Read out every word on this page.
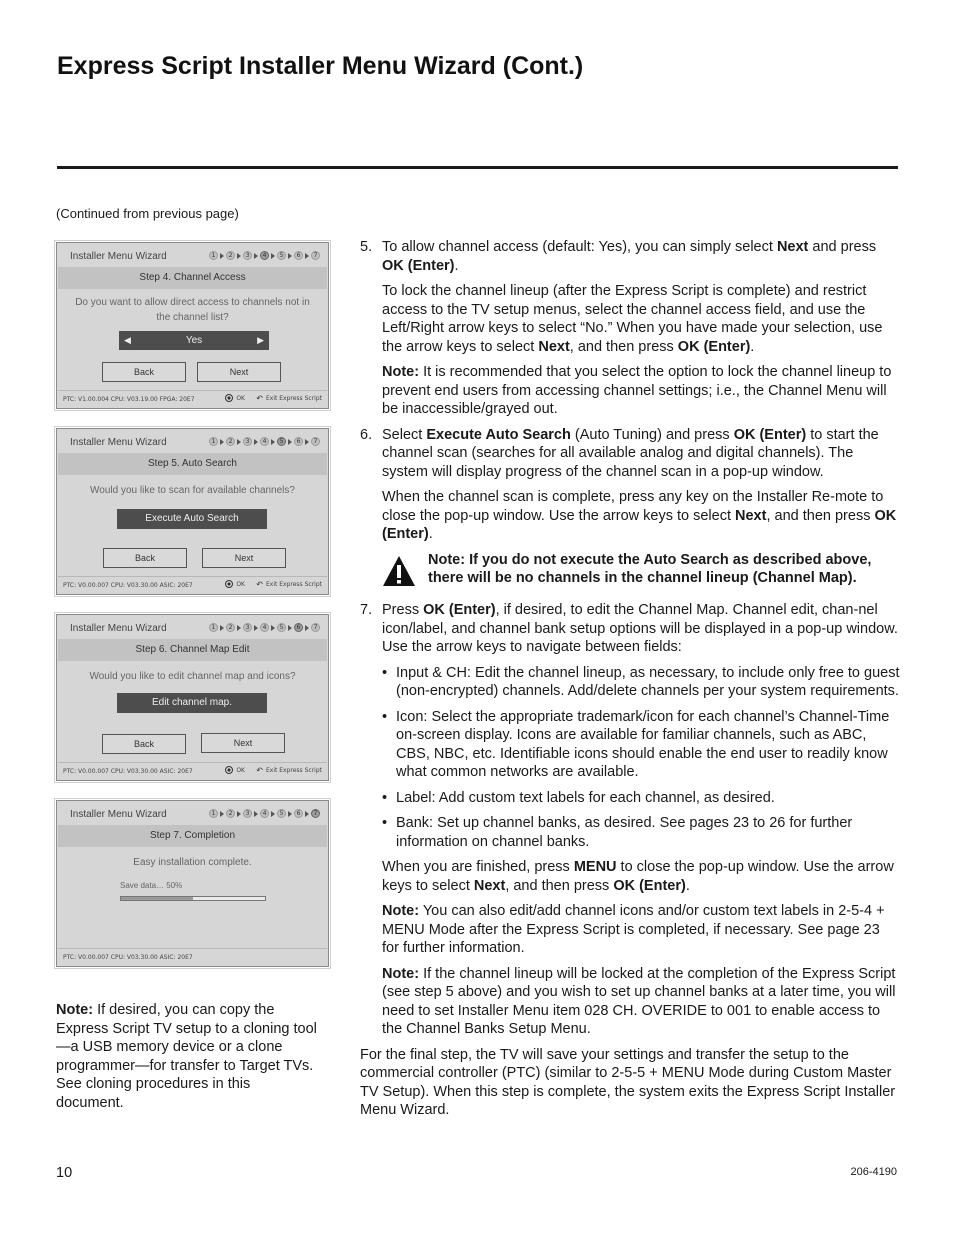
Express Script Installer Menu Wizard (Cont.)
(Continued from previous page)
Installer Menu Wizard	1	2	3	4	5	6	7
Step 4. Channel Access
Do you want to allow direct access to channels not in the channel list?
◀	Yes	▶
Back	Next
PTC: V1.00.004 CPU: V03.19.00 FPGA: 20E7	OK ↶ Exit Express Script
Installer Menu Wizard	1	2	3	4	5	6	7
Step 5. Auto Search
Would you like to scan for available channels?
Execute Auto Search
Back	Next
PTC: V0.00.007 CPU: V03.30.00 ASIC: 20E7	OK ↶ Exit Express Script
Installer Menu Wizard	1	2	3	4	5	6	7
Step 6. Channel Map Edit
Would you like to edit channel map and icons?
Edit channel map.
Back	Next
PTC: V0.00.007 CPU: V03.30.00 ASIC: 20E7	OK ↶ Exit Express Script
Installer Menu Wizard	1	2	3	4	5	6	7
Step 7. Completion
Easy installation complete.
Save data… 50%
PTC: V0.00.007 CPU: V03.30.00 ASIC: 20E7
Note: If desired, you can copy the Express Script TV setup to a cloning tool—a USB memory device or a clone programmer—for transfer to Target TVs. See cloning procedures in this document.
5. To allow channel access (default: Yes), you can simply select Next and press OK (Enter).

To lock the channel lineup (after the Express Script is complete) and restrict access to the TV setup menus, select the channel access field, and use the Left/Right arrow keys to select “No.” When you have made your selection, use the arrow keys to select Next, and then press OK (Enter).

Note: It is recommended that you select the option to lock the channel lineup to prevent end users from accessing channel settings; i.e., the Channel Menu will be inaccessible/grayed out.

6. Select Execute Auto Search (Auto Tuning) and press OK (Enter) to start the channel scan (searches for all available analog and digital channels). The system will display progress of the channel scan in a pop-up window.

When the channel scan is complete, press any key on the Installer Re-mote to close the pop-up window. Use the arrow keys to select Next, and then press OK (Enter).

Note: If you do not execute the Auto Search as described above, there will be no channels in the channel lineup (Channel Map).
7. Press OK (Enter), if desired, to edit the Channel Map. Channel edit, chan-nel icon/label, and channel bank setup options will be displayed in a pop-up window. Use the arrow keys to navigate between fields:

• Input & CH: Edit the channel lineup, as necessary, to include only free to guest (non-encrypted) channels. Add/delete channels per your system requirements.
• Icon: Select the appropriate trademark/icon for each channel’s Channel-Time on-screen display. Icons are available for familiar channels, such as ABC, CBS, NBC, etc. Identifiable icons should enable the end user to readily know what common networks are available.
• Label: Add custom text labels for each channel, as desired.
• Bank: Set up channel banks, as desired. See pages 23 to 26 for further information on channel banks.

When you are finished, press MENU to close the pop-up window. Use the arrow keys to select Next, and then press OK (Enter).

Note: You can also edit/add channel icons and/or custom text labels in 2-5-4 + MENU Mode after the Express Script is completed, if necessary. See page 23 for further information.

Note: If the channel lineup will be locked at the completion of the Express Script (see step 5 above) and you wish to set up channel banks at a later time, you will need to set Installer Menu item 028 CH. OVERIDE to 001 to enable access to the Channel Banks Setup Menu.

For the final step, the TV will save your settings and transfer the setup to the commercial controller (PTC) (similar to 2-5-5 + MENU Mode during Custom Master TV Setup). When this step is complete, the system exits the Express Script Installer Menu Wizard.

10	206-4190
